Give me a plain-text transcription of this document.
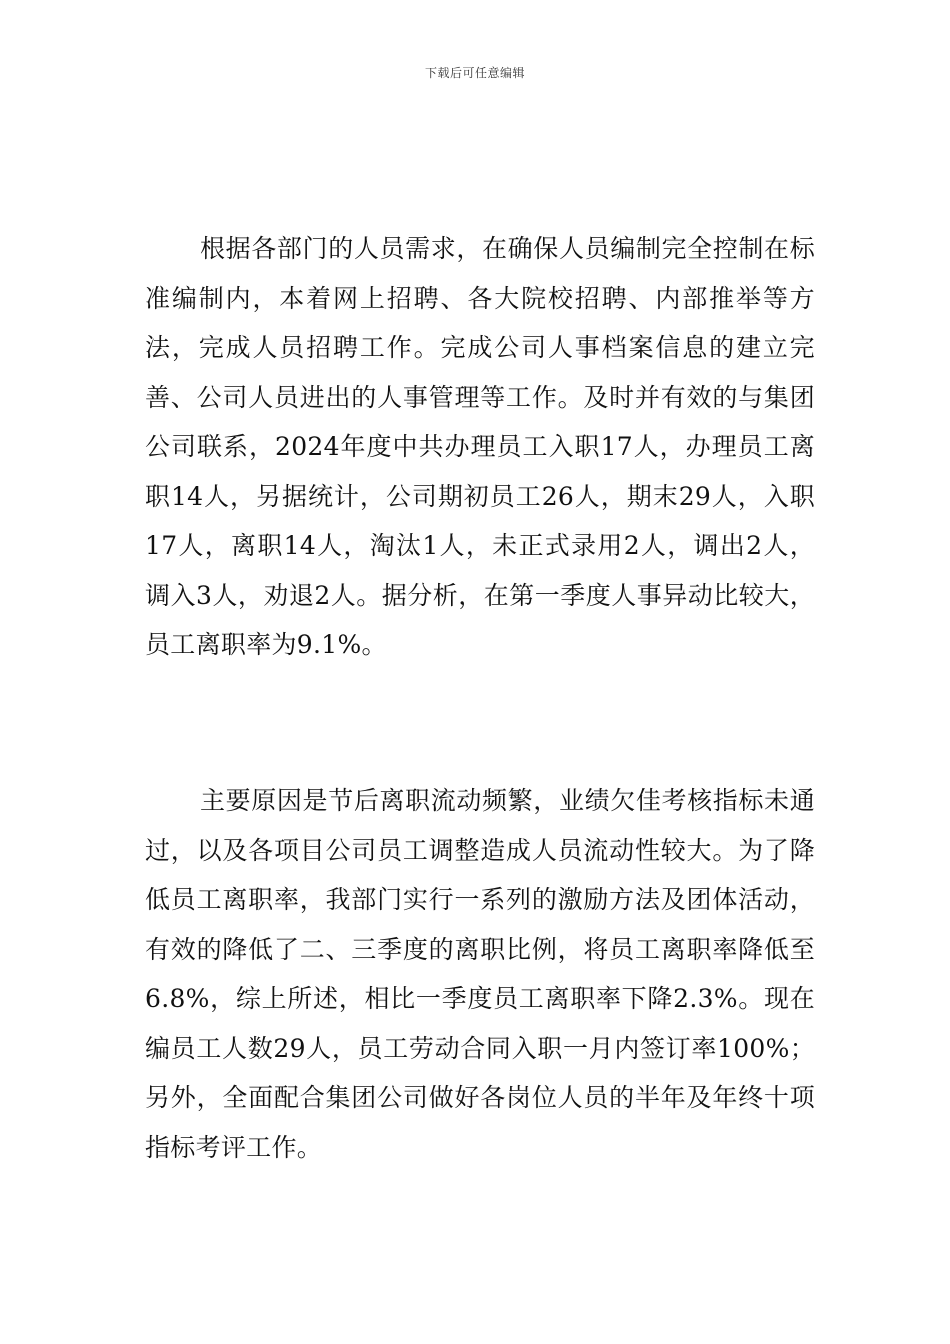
下载后可任意编辑

根据各部门的人员需求，在确保人员编制完全控制在标准编制内，本着网上招聘、各大院校招聘、内部推举等方法，完成人员招聘工作。完成公司人事档案信息的建立完善、公司人员进出的人事管理等工作。及时并有效的与集团公司联系，2024年度中共办理员工入职17人，办理员工离职14人，另据统计，公司期初员工26人，期末29人，入职17人，离职14人，淘汰1人，未正式录用2人，调出2人，调入3人，劝退2人。据分析，在第一季度人事异动比较大，员工离职率为9.1%。

主要原因是节后离职流动频繁，业绩欠佳考核指标未通过，以及各项目公司员工调整造成人员流动性较大。为了降低员工离职率，我部门实行一系列的激励方法及团体活动，有效的降低了二、三季度的离职比例，将员工离职率降低至6.8%，综上所述，相比一季度员工离职率下降2.3%。现在编员工人数29人，员工劳动合同入职一月内签订率100%；另外，全面配合集团公司做好各岗位人员的半年及年终十项指标考评工作。
